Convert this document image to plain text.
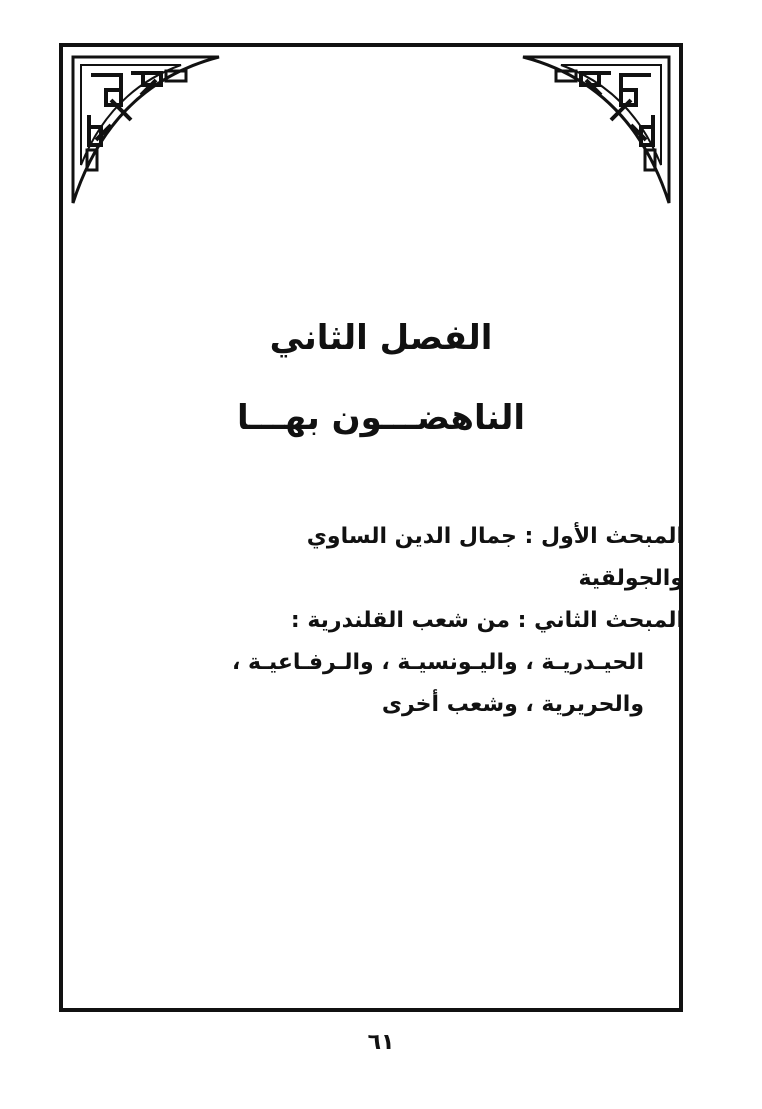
الفصل الثاني
الناهضـــون بهـــا
المبحث الأول : جمال الدين الساوي والجولقية
المبحث الثاني : من شعب القلندرية :
الحيـدريـة ، واليـونسيـة ، والـرفـاعيـة ،
والحريرية ، وشعب أخرى
٦١
